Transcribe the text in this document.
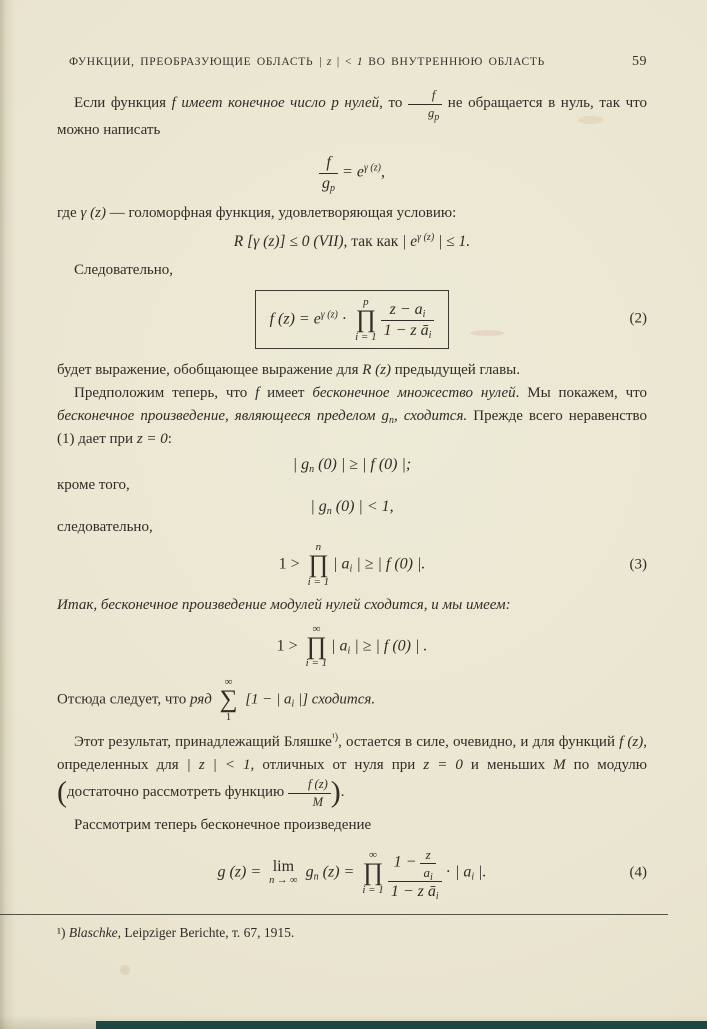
ФУНКЦИИ, ПРЕОБРАЗУЮЩИЕ ОБЛАСТЬ | z | < 1 ВО ВНУТРЕННЮЮ ОБЛАСТЬ	59

Если функция f имеет конечное число p нулей, то $\frac{f}{g_p}$ не обращается в нуль, так что можно написать

$\frac{f}{g_p} = e^{\gamma (z)}$,

где γ (z) — голоморфная функция, удовлетворяющая условию:

R [γ (z)] ≤ 0 (VII), так как | $e^{\gamma (z)}$ | ≤ 1.

Следовательно,

f $(z) = e^{\gamma (z)}$ ·
p
∏
$i = 1 \frac{z - a_i}{1 - z ā_i}$	(2)

будет выражение, обобщающее выражение для R (z) предыдущей главы.

Предположим теперь, что f имеет бесконечное множество нулей. Мы покажем, что бесконечное произведение, являющееся пределом $g_n$, сходится. Прежде всего неравенство (1) дает при z = 0:

| $g_n$ (0) | ≥ | f (0) |;

кроме того,

| $g_n$ (0) | < 1,

следовательно,

1 >
n
∏
i = 1
| $a_i$ | ≥ | f (0) |.	(3)

Итак, бесконечное произведение модулей нулей сходится, и мы имеем:

1 >
∞
∏
i = 1
| $a_i$ | ≥ | f (0) | .

Отсюда следует, что ряд
∞
∑
1
[1 − | $a_i$ |] сходится.

Этот результат, принадлежащий Бляшке$^{^1)}$, остается в силе, очевидно, и для функций f (z), определенных для | z | < 1, отличных от нуля при z = 0 и меньших M по модулю (достаточно рассмотреть функцию $\frac{f (z)}{M}$ ).

Рассмотрим теперь бесконечное произведение

g (z) = lim
n → ∞
$g_n$ (z) =
∞
∏
$i = 1 \frac{1 - \frac{z}{a_i}}{1 - z ā_i}$ · | $a_i$ |.	(4)

¹) Blaschke, Leipziger Berichte, т. 67, 1915.
